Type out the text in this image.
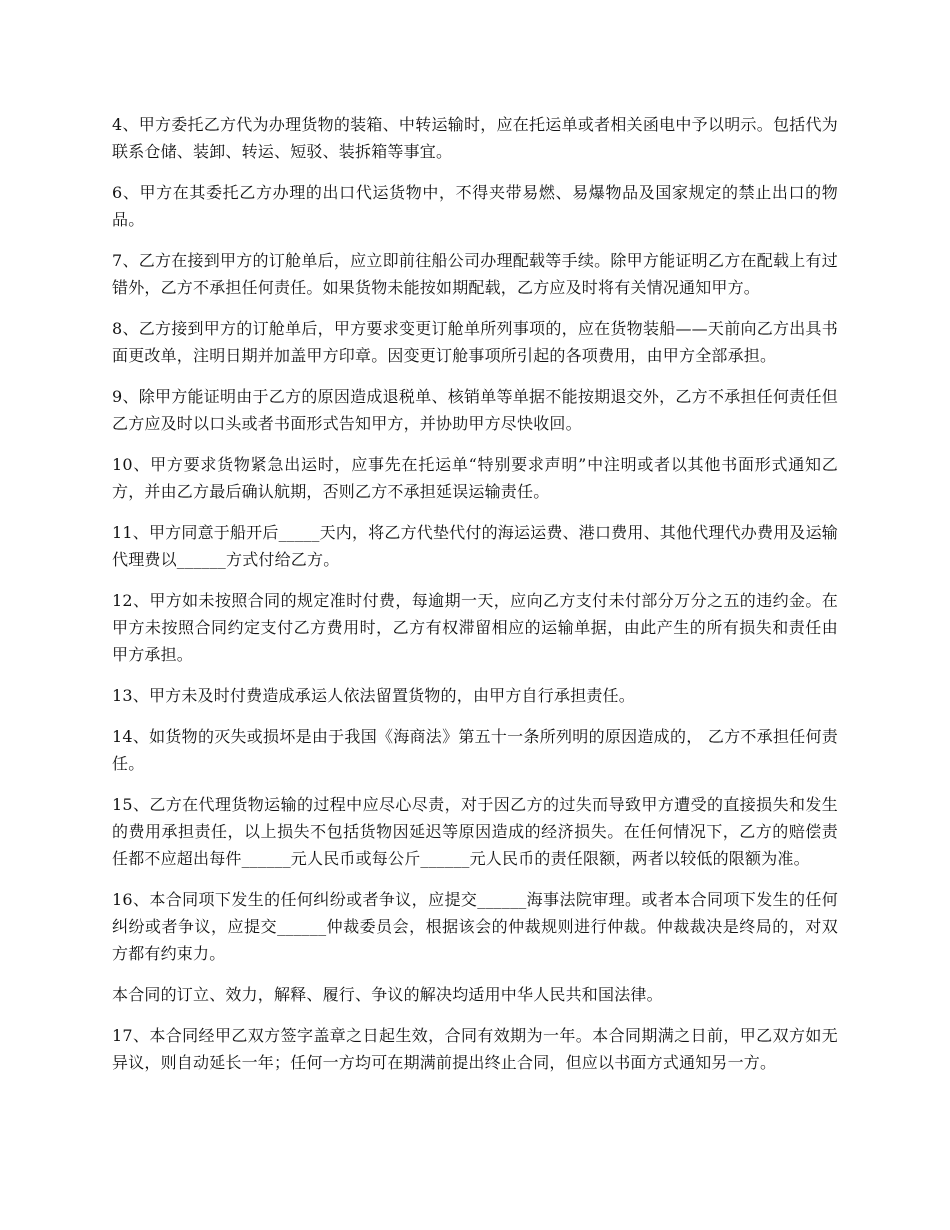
4、甲方委托乙方代为办理货物的装箱、中转运输时，应在托运单或者相关函电中予以明示。包括代为联系仓储、装卸、转运、短驳、装拆箱等事宜。

6、甲方在其委托乙方办理的出口代运货物中，不得夹带易燃、易爆物品及国家规定的禁止出口的物品。

7、乙方在接到甲方的订舱单后，应立即前往船公司办理配载等手续。除甲方能证明乙方在配载上有过错外，乙方不承担任何责任。如果货物未能按如期配载，乙方应及时将有关情况通知甲方。

8、乙方接到甲方的订舱单后，甲方要求变更订舱单所列事项的，应在货物装船——天前向乙方出具书面更改单，注明日期并加盖甲方印章。因变更订舱事项所引起的各项费用，由甲方全部承担。

9、除甲方能证明由于乙方的原因造成退税单、核销单等单据不能按期退交外，乙方不承担任何责任但乙方应及时以口头或者书面形式告知甲方，并协助甲方尽快收回。

10、甲方要求货物紧急出运时，应事先在托运单“特别要求声明”中注明或者以其他书面形式通知乙方，并由乙方最后确认航期，否则乙方不承担延误运输责任。

11、甲方同意于船开后_____天内，将乙方代垫代付的海运运费、港口费用、其他代理代办费用及运输代理费以______方式付给乙方。

12、甲方如未按照合同的规定准时付费，每逾期一天，应向乙方支付未付部分万分之五的违约金。在甲方未按照合同约定支付乙方费用时，乙方有权滞留相应的运输单据，由此产生的所有损失和责任由甲方承担。

13、甲方未及时付费造成承运人依法留置货物的，由甲方自行承担责任。

14、如货物的灭失或损坏是由于我国《海商法》第五十一条所列明的原因造成的， 乙方不承担任何责任。

15、乙方在代理货物运输的过程中应尽心尽责，对于因乙方的过失而导致甲方遭受的直接损失和发生的费用承担责任，以上损失不包括货物因延迟等原因造成的经济损失。在任何情况下，乙方的赔偿责任都不应超出每件______元人民币或每公斤______元人民币的责任限额，两者以较低的限额为准。

16、本合同项下发生的任何纠纷或者争议，应提交______海事法院审理。或者本合同项下发生的任何纠纷或者争议，应提交______仲裁委员会，根据该会的仲裁规则进行仲裁。仲裁裁决是终局的，对双方都有约束力。

本合同的订立、效力，解释、履行、争议的解决均适用中华人民共和国法律。

17、本合同经甲乙双方签字盖章之日起生效，合同有效期为一年。本合同期满之日前，甲乙双方如无异议，则自动延长一年；任何一方均可在期满前提出终止合同，但应以书面方式通知另一方。
